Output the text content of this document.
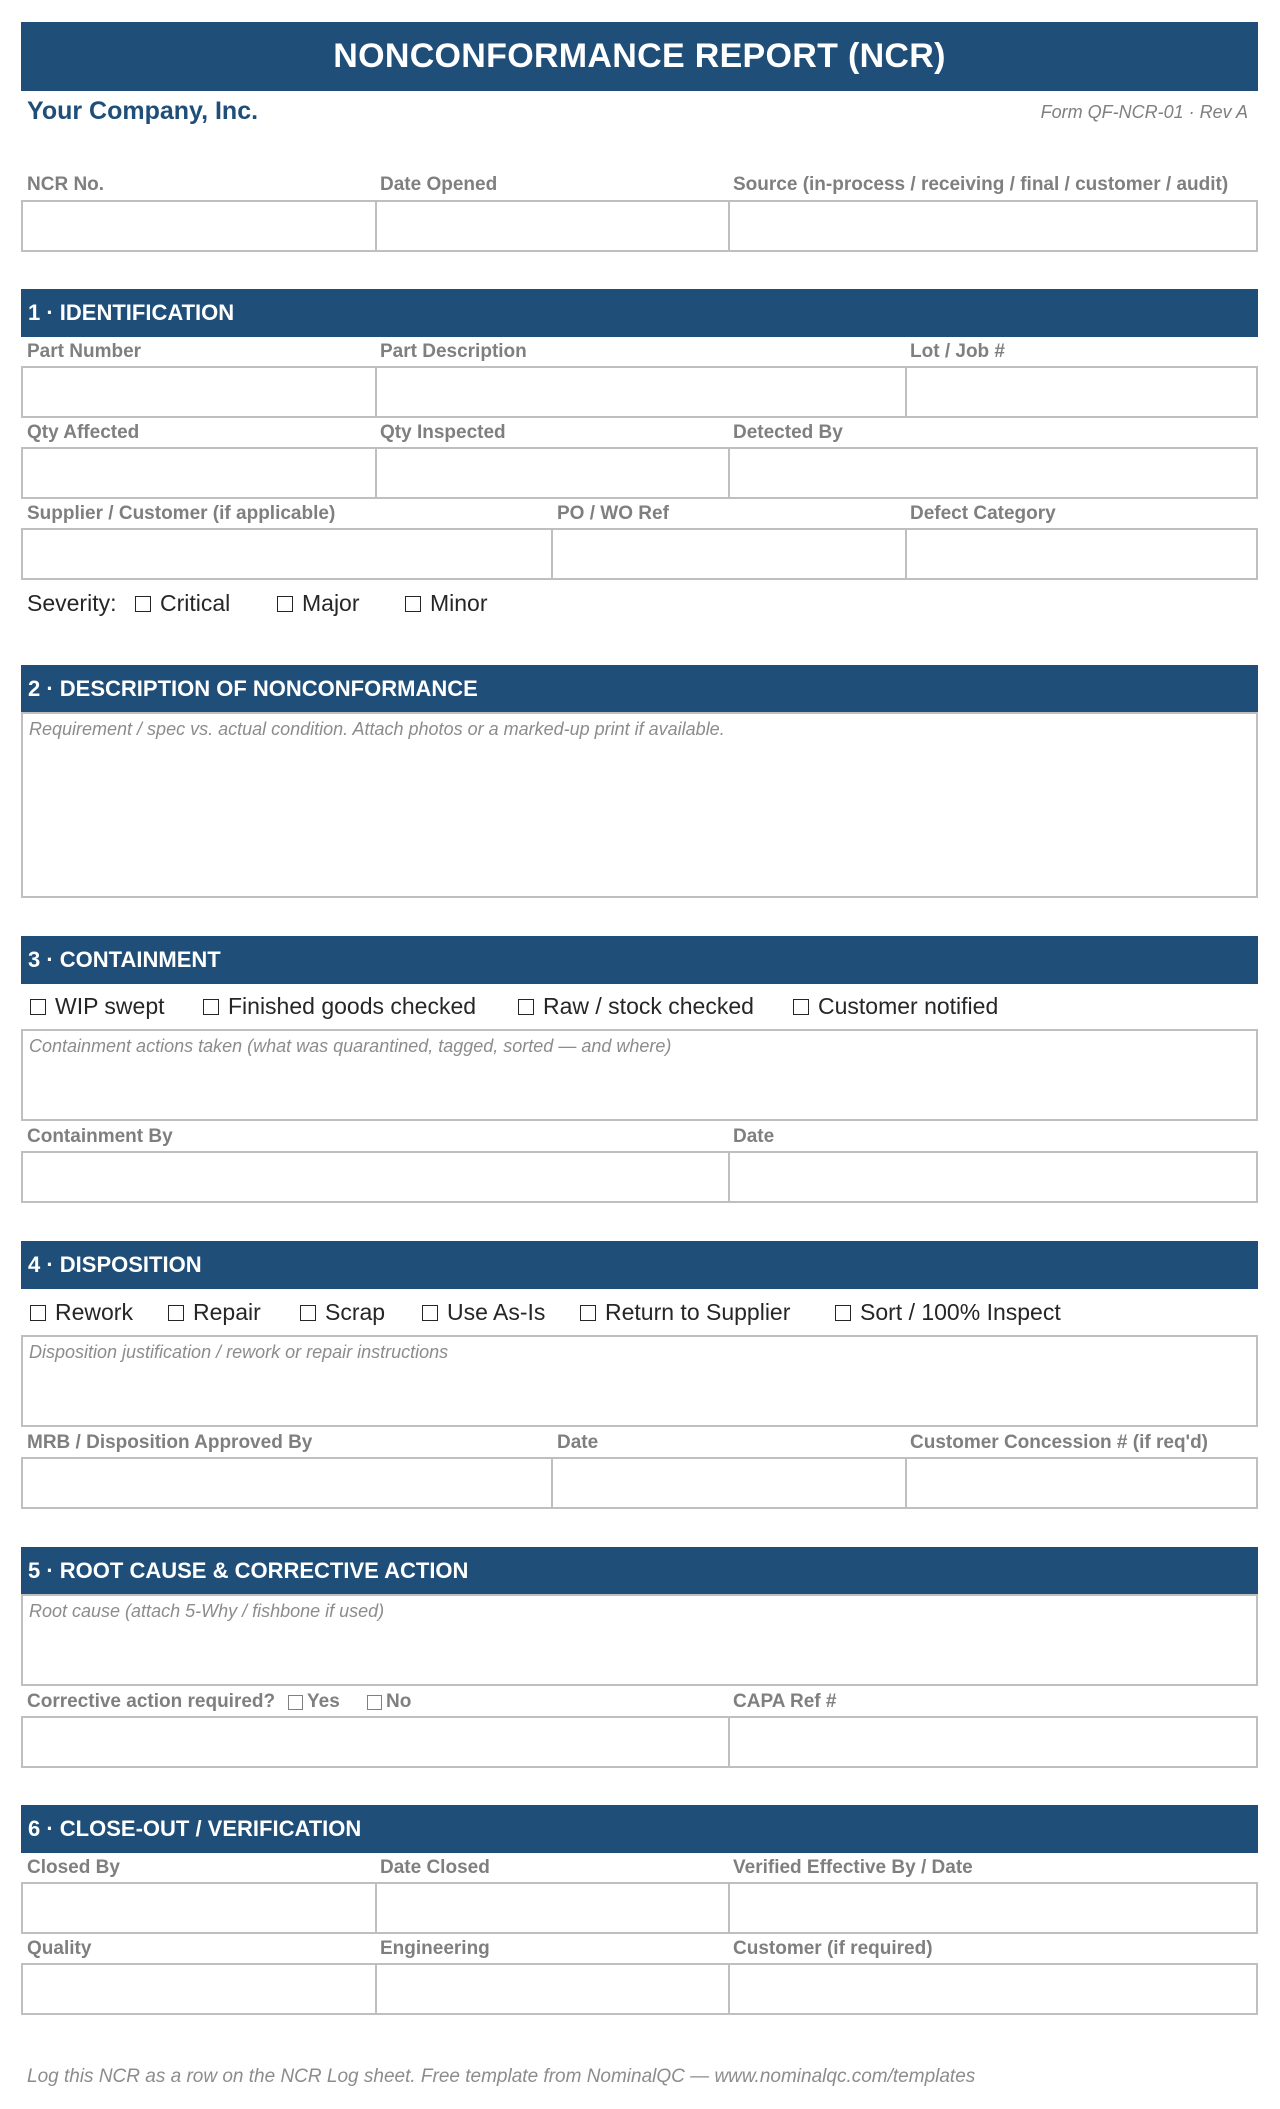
NONCONFORMANCE REPORT (NCR)
Your Company, Inc.	Form QF-NCR-01 · Rev A
NCR No.	Date Opened	Source (in-process / receiving / final / customer / audit)
1 · IDENTIFICATION
Part Number	Part Description	Lot / Job #
Qty Affected	Qty Inspected	Detected By
Supplier / Customer (if applicable)	PO / WO Ref	Defect Category
Severity: Critical	Major	Minor
2 · DESCRIPTION OF NONCONFORMANCE
Requirement / spec vs. actual condition. Attach photos or a marked-up print if available.
3 · CONTAINMENT
WIP swept	Finished goods checked	Raw / stock checked	Customer notified
Containment actions taken (what was quarantined, tagged, sorted — and where)
Containment By	Date
4 · DISPOSITION
Rework	Repair	Scrap	Use As-Is	Return to Supplier	Sort / 100% Inspect
Disposition justification / rework or repair instructions
MRB / Disposition Approved By	Date	Customer Concession # (if req'd)
5 · ROOT CAUSE & CORRECTIVE ACTION
Root cause (attach 5-Why / fishbone if used)
Corrective action required? Yes No	CAPA Ref #
6 · CLOSE-OUT / VERIFICATION
Closed By	Date Closed	Verified Effective By / Date
Quality	Engineering	Customer (if required)
Log this NCR as a row on the NCR Log sheet. Free template from NominalQC — www.nominalqc.com/templates
